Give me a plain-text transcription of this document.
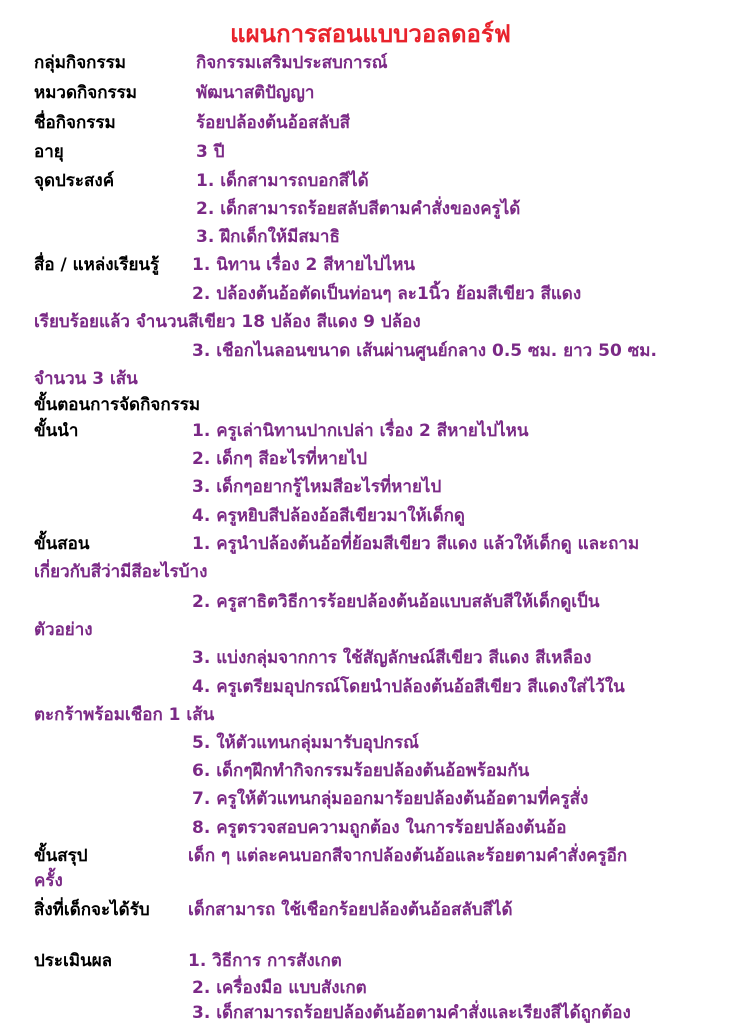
แผนการสอนแบบวอลดอร์ฟ
กลุ่มกิจกรรม	กิจกรรมเสริมประสบการณ์
หมวดกิจกรรม	พัฒนาสติปัญญา
ชื่อกิจกรรม	ร้อยปล้องต้นอ้อสลับสี
อายุ	3 ปี
จุดประสงค์	1. เด็กสามารถบอกสีได้
2. เด็กสามารถร้อยสลับสีตามคำสั่งของครูได้
3. ฝึกเด็กให้มีสมาธิ
สื่อ / แหล่งเรียนรู้ 1. นิทาน เรื่อง 2 สีหายไปไหน
2. ปล้องต้นอ้อตัดเป็นท่อนๆ ละ1นิ้ว ย้อมสีเขียว สีแดง
เรียบร้อยแล้ว จำนวนสีเขียว 18 ปล้อง สีแดง 9 ปล้อง
3. เชือกไนลอนขนาด เส้นผ่านศูนย์กลาง 0.5 ซม. ยาว 50 ซม.
จำนวน 3 เส้น
ขั้นตอนการจัดกิจกรรม
ขั้นนำ	1. ครูเล่านิทานปากเปล่า เรื่อง 2 สีหายไปไหน
2. เด็กๆ สีอะไรที่หายไป
3. เด็กๆอยากรู้ไหมสีอะไรที่หายไป
4. ครูหยิบสีปล้องอ้อสีเขียวมาให้เด็กดู
ขั้นสอน	1. ครูนำปล้องต้นอ้อที่ย้อมสีเขียว สีแดง แล้วให้เด็กดู และถาม
เกี่ยวกับสีว่ามีสีอะไรบ้าง
2. ครูสาธิตวิธีการร้อยปล้องต้นอ้อแบบสลับสีให้เด็กดูเป็น
ตัวอย่าง
3. แบ่งกลุ่มจากการ ใช้สัญลักษณ์สีเขียว สีแดง สีเหลือง
4. ครูเตรียมอุปกรณ์โดยนำปล้องต้นอ้อสีเขียว สีแดงใส่ไว้ใน
ตะกร้าพร้อมเชือก 1 เส้น
5. ให้ตัวแทนกลุ่มมารับอุปกรณ์
6. เด็กๆฝึกทำกิจกรรมร้อยปล้องต้นอ้อพร้อมกัน
7. ครูให้ตัวแทนกลุ่มออกมาร้อยปล้องต้นอ้อตามที่ครูสั่ง
8. ครูตรวจสอบความถูกต้อง ในการร้อยปล้องต้นอ้อ
ขั้นสรุป	เด็ก ๆ แต่ละคนบอกสีจากปล้องต้นอ้อและร้อยตามคำสั่งครูอีก
ครั้ง
สิ่งที่เด็กจะได้รับ เด็กสามารถ ใช้เชือกร้อยปล้องต้นอ้อสลับสีได้
ประเมินผล	1. วิธีการ การสังเกต
2. เครื่องมือ แบบสังเกต
3. เด็กสามารถร้อยปล้องต้นอ้อตามคำสั่งและเรียงสีได้ถูกต้อง
